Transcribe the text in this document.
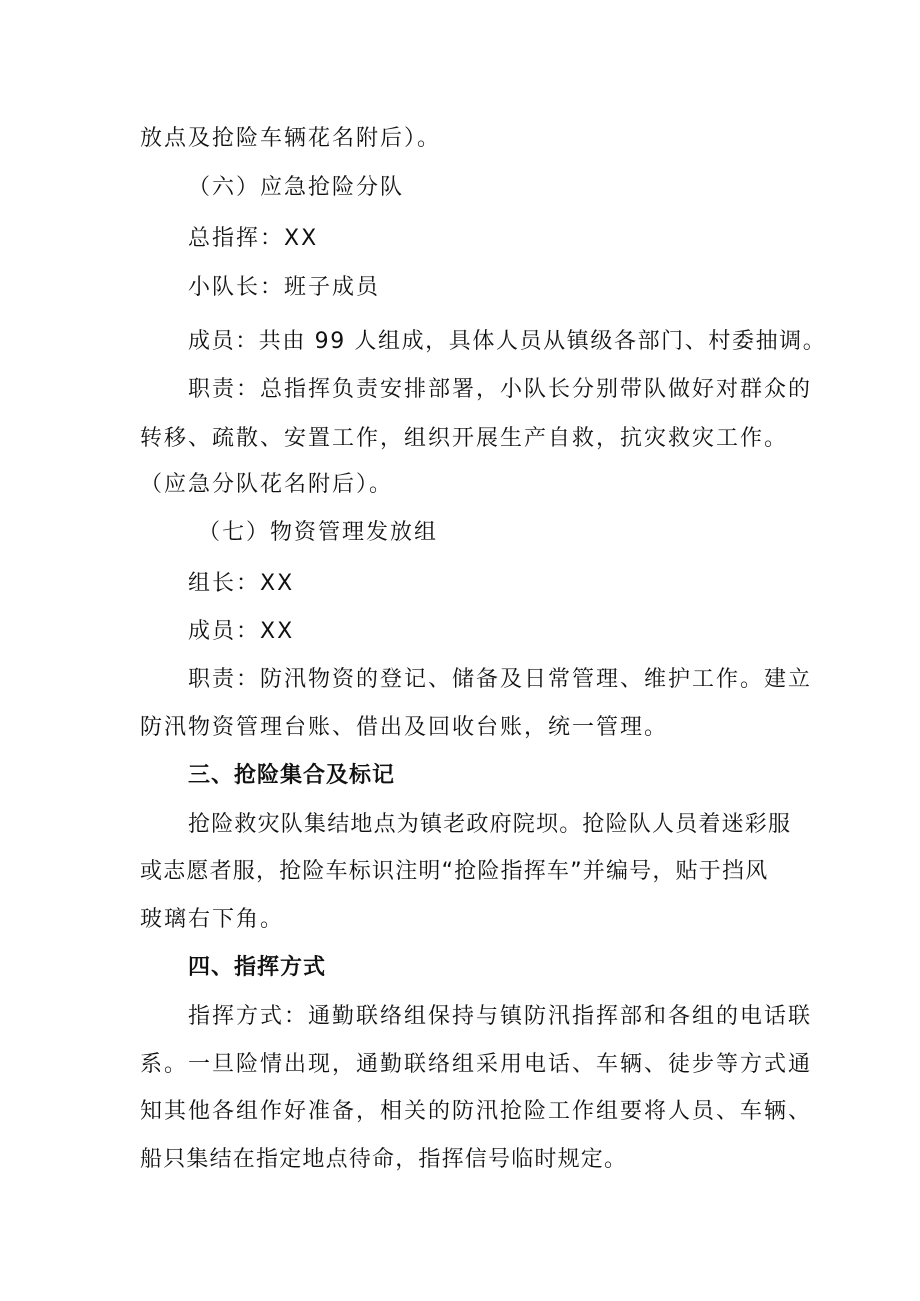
放点及抢险车辆花名附后）。
（六）应急抢险分队
总指挥：XX
小队长：班子成员
成员：共由 99 人组成，具体人员从镇级各部门、村委抽调。
职责：总指挥负责安排部署，小队长分别带队做好对群众的
转移、疏散、安置工作，组织开展生产自救，抗灾救灾工作。
（应急分队花名附后）。
（七）物资管理发放组
组长：XX
成员：XX
职责：防汛物资的登记、储备及日常管理、维护工作。建立
防汛物资管理台账、借出及回收台账，统一管理。
三、抢险集合及标记
抢险救灾队集结地点为镇老政府院坝。抢险队人员着迷彩服
或志愿者服，抢险车标识注明“抢险指挥车”并编号，贴于挡风
玻璃右下角。
四、指挥方式
指挥方式：通勤联络组保持与镇防汛指挥部和各组的电话联
系。一旦险情出现，通勤联络组采用电话、车辆、徒步等方式通
知其他各组作好准备，相关的防汛抢险工作组要将人员、车辆、
船只集结在指定地点待命，指挥信号临时规定。
